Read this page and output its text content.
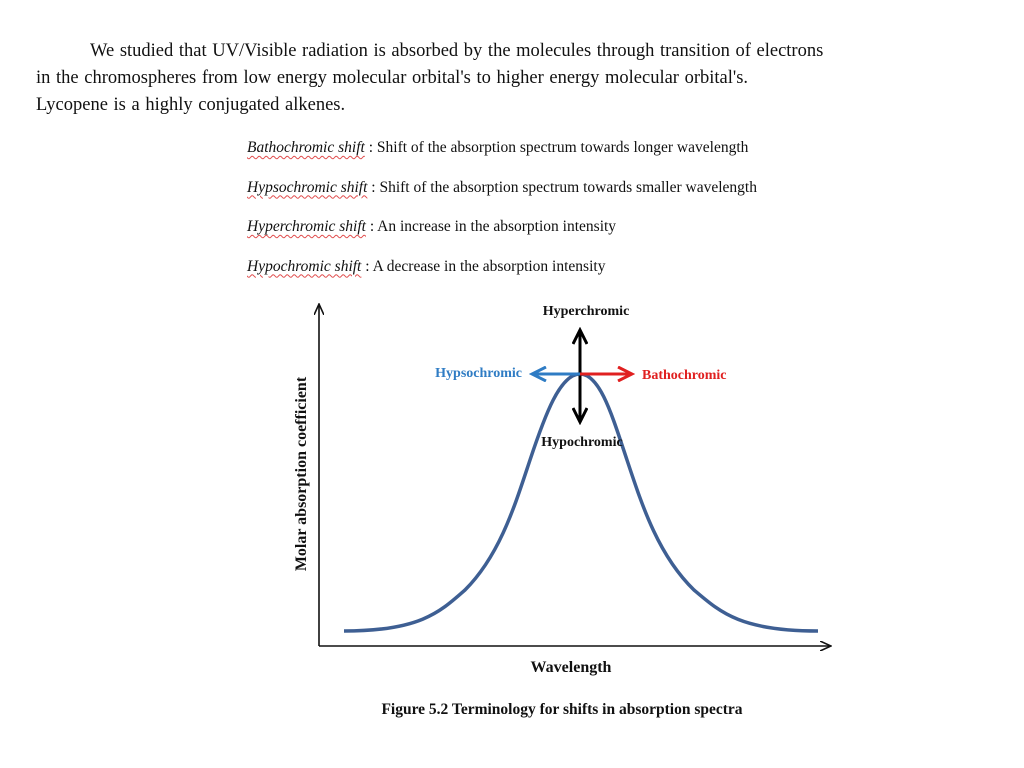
We studied that UV/Visible radiation is absorbed by the molecules through transition of electrons
in the chromospheres from low energy molecular orbital's to higher energy molecular orbital's.
Lycopene is a highly conjugated alkenes.
Bathochromic shift : Shift of the absorption spectrum towards longer wavelength
Hypsochromic shift : Shift of the absorption spectrum towards smaller wavelength
Hyperchromic shift : An increase in the absorption intensity
Hypochromic shift : A decrease in the absorption intensity
Hyperchromic
Hypochromic
Hypsochromic	Bathochromic
Wavelength
Molar absorption coefficient
Figure 5.2 Terminology for shifts in absorption spectra
